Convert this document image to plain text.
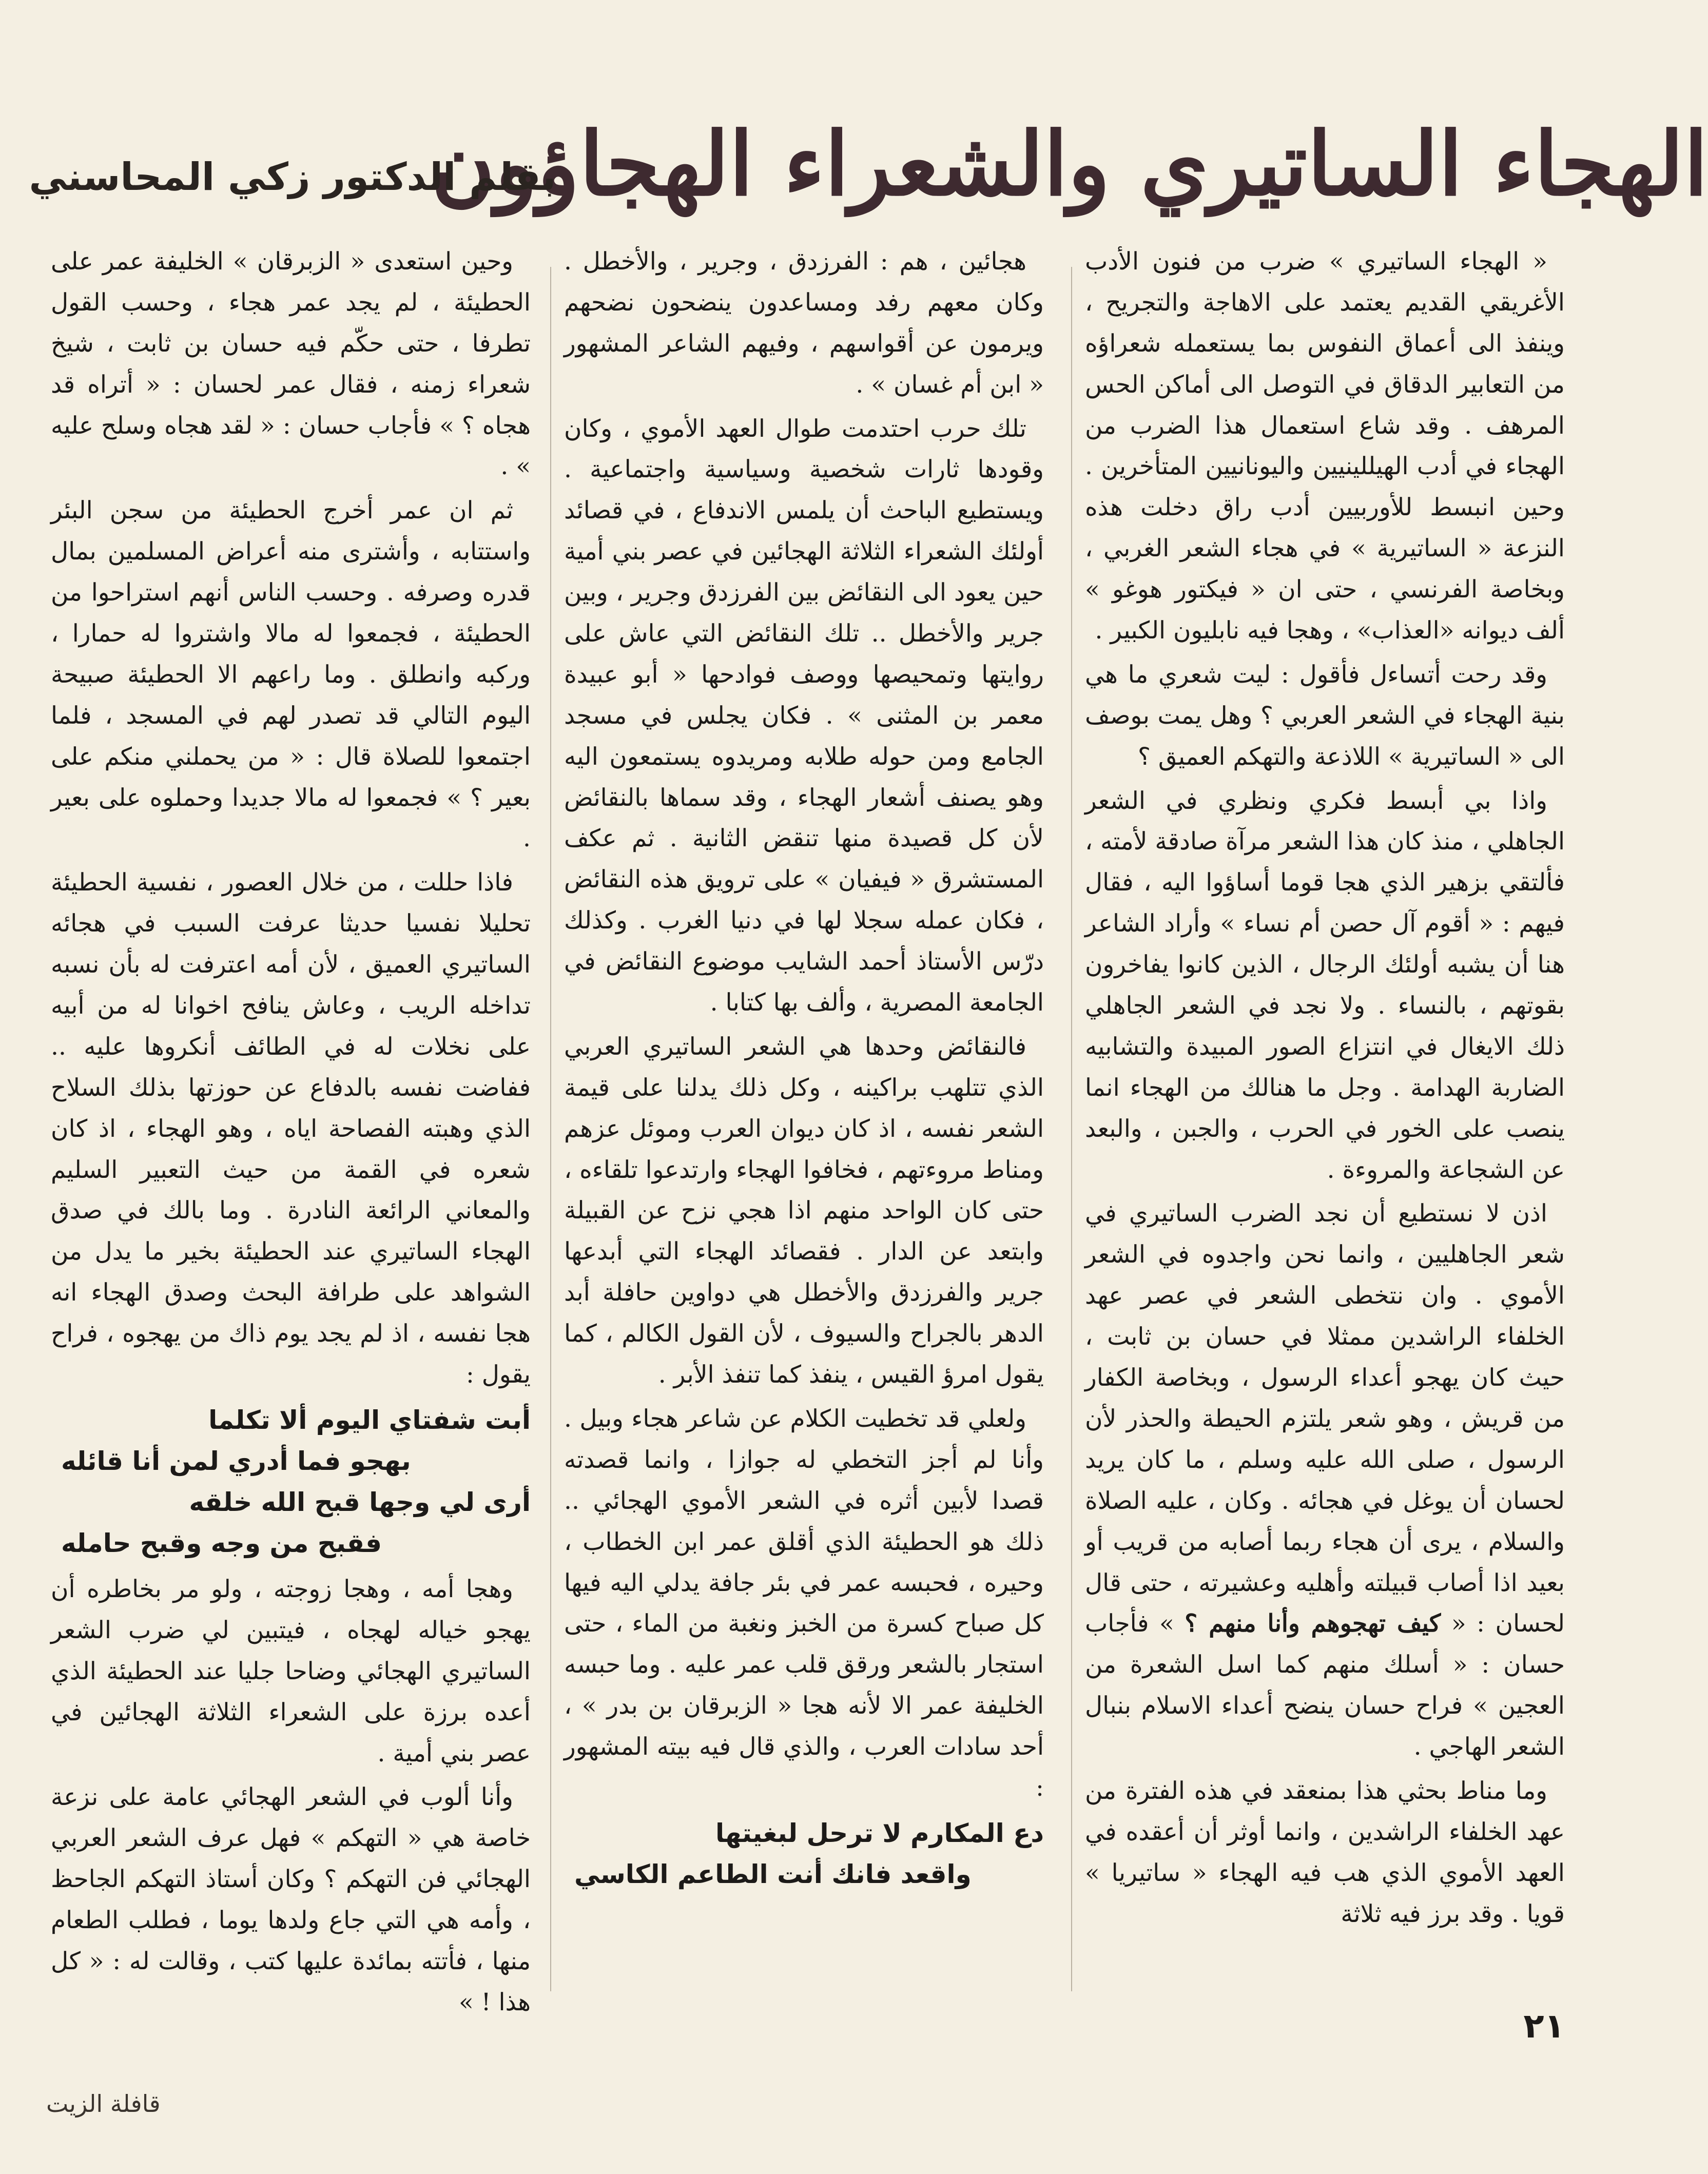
الهجاء الساتيري والشعراء الهجاؤون
بقلم الدكتور زكي المحاسني

« الهجاء الساتيري » ضرب من فنون الأدب الأغريقي القديم يعتمد على الاهاجة والتجريح ، وينفذ الى أعماق النفوس بما يستعمله شعراؤه من التعابير الدقاق في التوصل الى أماكن الحس المرهف . وقد شاع استعمال هذا الضرب من الهجاء في أدب الهيللينيين واليونانيين المتأخرين . وحين انبسط للأوربيين أدب راق دخلت هذه النزعة « الساتيرية » في هجاء الشعر الغربي ، وبخاصة الفرنسي ، حتى ان « فيكتور هوغو » ألف ديوانه «العذاب» ، وهجا فيه نابليون الكبير .

وقد رحت أتساءل فأقول : ليت شعري ما هي بنية الهجاء في الشعر العربي ؟ وهل يمت بوصف الى « الساتيرية » اللاذعة والتهكم العميق ؟

واذا بي أبسط فكري ونظري في الشعر الجاهلي ، منذ كان هذا الشعر مرآة صادقة لأمته ، فألتقي بزهير الذي هجا قوما أساؤوا اليه ، فقال فيهم : « أقوم آل حصن أم نساء » وأراد الشاعر هنا أن يشبه أولئك الرجال ، الذين كانوا يفاخرون بقوتهم ، بالنساء . ولا نجد في الشعر الجاهلي ذلك الايغال في انتزاع الصور المبيدة والتشابيه الضاربة الهدامة . وجل ما هنالك من الهجاء انما ينصب على الخور في الحرب ، والجبن ، والبعد عن الشجاعة والمروءة .

اذن لا نستطيع أن نجد الضرب الساتيري في شعر الجاهليين ، وانما نحن واجدوه في الشعر الأموي . وان نتخطى الشعر في عصر عهد الخلفاء الراشدين ممثلا في حسان بن ثابت ، حيث كان يهجو أعداء الرسول ، وبخاصة الكفار من قريش ، وهو شعر يلتزم الحيطة والحذر لأن الرسول ، صلى الله عليه وسلم ، ما كان يريد لحسان أن يوغل في هجائه . وكان ، عليه الصلاة والسلام ، يرى أن هجاء ربما أصابه من قريب أو بعيد اذا أصاب قبيلته وأهليه وعشيرته ، حتى قال لحسان : « كيف تهجوهم وأنا منهم ؟ » فأجاب حسان : « أسلك منهم كما اسل الشعرة من العجين » فراح حسان ينضح أعداء الاسلام بنبال الشعر الهاجي .

وما مناط بحثي هذا بمنعقد في هذه الفترة من عهد الخلفاء الراشدين ، وانما أوثر أن أعقده في العهد الأموي الذي هب فيه الهجاء « ساتيريا » قويا . وقد برز فيه ثلاثة

هجائين ، هم : الفرزدق ، وجرير ، والأخطل . وكان معهم رفد ومساعدون ينضحون نضحهم ويرمون عن أقواسهم ، وفيهم الشاعر المشهور « ابن أم غسان » .

تلك حرب احتدمت طوال العهد الأموي ، وكان وقودها ثارات شخصية وسياسية واجتماعية . ويستطيع الباحث أن يلمس الاندفاع ، في قصائد أولئك الشعراء الثلاثة الهجائين في عصر بني أمية حين يعود الى النقائض بين الفرزدق وجرير ، وبين جرير والأخطل .. تلك النقائض التي عاش على روايتها وتمحيصها ووصف فوادحها « أبو عبيدة معمر بن المثنى » . فكان يجلس في مسجد الجامع ومن حوله طلابه ومريدوه يستمعون اليه وهو يصنف أشعار الهجاء ، وقد سماها بالنقائض لأن كل قصيدة منها تنقض الثانية . ثم عكف المستشرق « فيفيان » على ترويق هذه النقائض ، فكان عمله سجلا لها في دنيا الغرب . وكذلك درّس الأستاذ أحمد الشايب موضوع النقائض في الجامعة المصرية ، وألف بها كتابا .

فالنقائض وحدها هي الشعر الساتيري العربي الذي تتلهب براكينه ، وكل ذلك يدلنا على قيمة الشعر نفسه ، اذ كان ديوان العرب وموئل عزهم ومناط مروءتهم ، فخافوا الهجاء وارتدعوا تلقاءه ، حتى كان الواحد منهم اذا هجي نزح عن القبيلة وابتعد عن الدار . فقصائد الهجاء التي أبدعها جرير والفرزدق والأخطل هي دواوين حافلة أبد الدهر بالجراح والسيوف ، لأن القول الكالم ، كما يقول امرؤ القيس ، ينفذ كما تنفذ الأبر .

ولعلي قد تخطيت الكلام عن شاعر هجاء وبيل . وأنا لم أجز التخطي له جوازا ، وانما قصدته قصدا لأبين أثره في الشعر الأموي الهجائي .. ذلك هو الحطيئة الذي أقلق عمر ابن الخطاب ، وحيره ، فحبسه عمر في بئر جافة يدلي اليه فيها كل صباح كسرة من الخبز ونغبة من الماء ، حتى استجار بالشعر ورقق قلب عمر عليه . وما حبسه الخليفة عمر الا لأنه هجا « الزبرقان بن بدر » ، أحد سادات العرب ، والذي قال فيه بيته المشهور :

دع المكارم لا ترحل لبغيتها
واقعد فانك أنت الطاعم الكاسي

وحين استعدى « الزبرقان » الخليفة عمر على الحطيئة ، لم يجد عمر هجاء ، وحسب القول تطرفا ، حتى حكّم فيه حسان بن ثابت ، شيخ شعراء زمنه ، فقال عمر لحسان : « أتراه قد هجاه ؟ » فأجاب حسان : « لقد هجاه وسلح عليه » .

ثم ان عمر أخرج الحطيئة من سجن البئر واستتابه ، وأشترى منه أعراض المسلمين بمال قدره وصرفه . وحسب الناس أنهم استراحوا من الحطيئة ، فجمعوا له مالا واشتروا له حمارا ، وركبه وانطلق . وما راعهم الا الحطيئة صبيحة اليوم التالي قد تصدر لهم في المسجد ، فلما اجتمعوا للصلاة قال : « من يحملني منكم على بعير ؟ » فجمعوا له مالا جديدا وحملوه على بعير .

فاذا حللت ، من خلال العصور ، نفسية الحطيئة تحليلا نفسيا حديثا عرفت السبب في هجائه الساتيري العميق ، لأن أمه اعترفت له بأن نسبه تداخله الريب ، وعاش ينافح اخوانا له من أبيه على نخلات له في الطائف أنكروها عليه .. ففاضت نفسه بالدفاع عن حوزتها بذلك السلاح الذي وهبته الفصاحة اياه ، وهو الهجاء ، اذ كان شعره في القمة من حيث التعبير السليم والمعاني الرائعة النادرة . وما بالك في صدق الهجاء الساتيري عند الحطيئة بخير ما يدل من الشواهد على طرافة البحث وصدق الهجاء انه هجا نفسه ، اذ لم يجد يوم ذاك من يهجوه ، فراح يقول :

أبت شفتاي اليوم ألا تكلما
بهجو فما أدري لمن أنا قائله
أرى لي وجها قبح الله خلقه
فقبح من وجه وقبح حامله

وهجا أمه ، وهجا زوجته ، ولو مر بخاطره أن يهجو خياله لهجاه ، فيتبين لي ضرب الشعر الساتيري الهجائي وضاحا جليا عند الحطيئة الذي أعده برزة على الشعراء الثلاثة الهجائين في عصر بني أمية .

وأنا ألوب في الشعر الهجائي عامة على نزعة خاصة هي « التهكم » فهل عرف الشعر العربي الهجائي فن التهكم ؟ وكان أستاذ التهكم الجاحظ ، وأمه هي التي جاع ولدها يوما ، فطلب الطعام منها ، فأتته بمائدة عليها كتب ، وقالت له : « كل هذا ! »

٢١
قافلة الزيت
